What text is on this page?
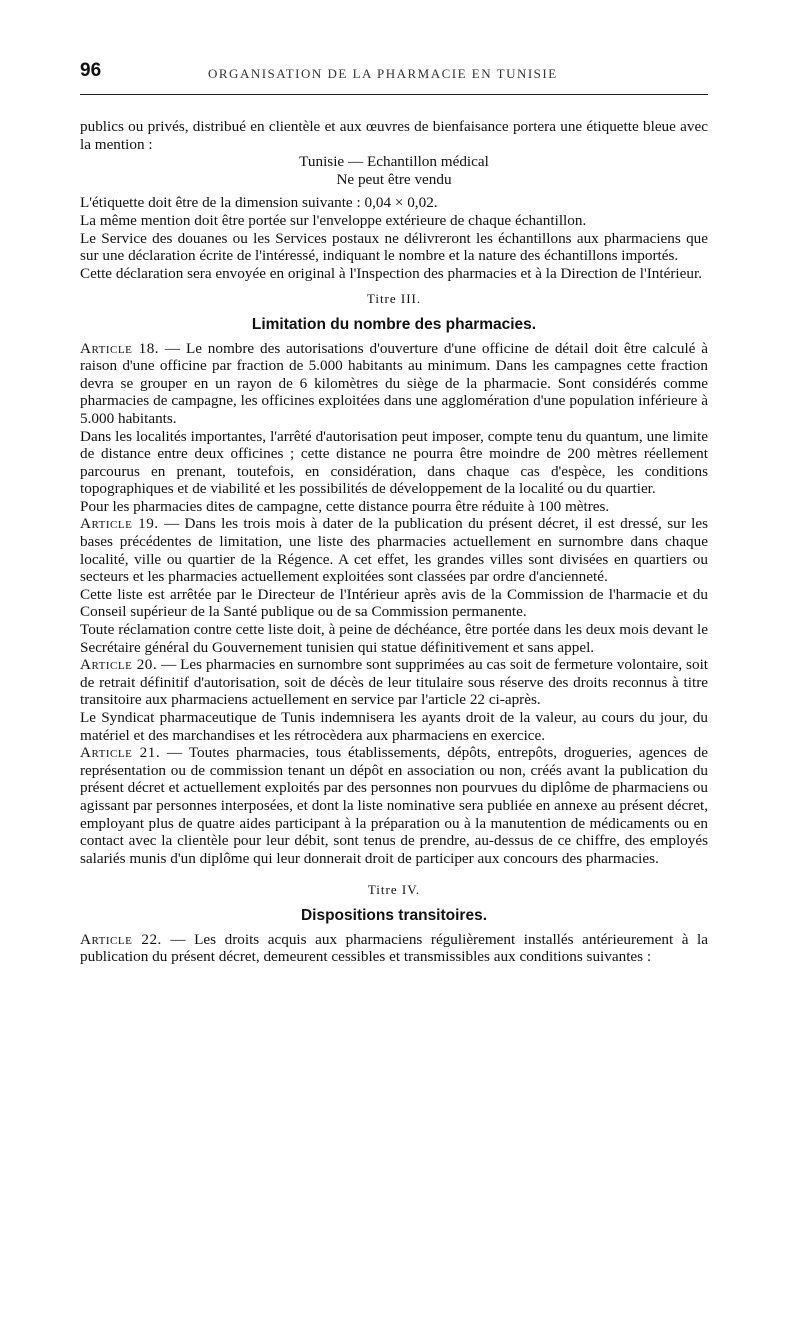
96	ORGANISATION DE LA PHARMACIE EN TUNISIE

publics ou privés, distribué en clientèle et aux œuvres de bienfaisance portera une étiquette bleue avec la mention :

Tunisie — Echantillon médical

Ne peut être vendu

L'étiquette doit être de la dimension suivante : 0,04 × 0,02.

La même mention doit être portée sur l'enveloppe extérieure de chaque échantillon.

Le Service des douanes ou les Services postaux ne délivreront les échantillons aux pharmaciens que sur une déclaration écrite de l'intéressé, indiquant le nombre et la nature des échantillons importés.

Cette déclaration sera envoyée en original à l'Inspection des pharmacies et à la Direction de l'Intérieur.

Titre III.
Limitation du nombre des pharmacies.

Article 18. — Le nombre des autorisations d'ouverture d'une officine de détail doit être calculé à raison d'une officine par fraction de 5.000 habitants au minimum. Dans les campagnes cette fraction devra se grouper en un rayon de 6 kilomètres du siège de la pharmacie. Sont considérés comme pharmacies de campagne, les officines exploitées dans une agglomération d'une population inférieure à 5.000 habitants.

Dans les localités importantes, l'arrêté d'autorisation peut imposer, compte tenu du quantum, une limite de distance entre deux officines ; cette distance ne pourra être moindre de 200 mètres réellement parcourus en prenant, toutefois, en considération, dans chaque cas d'espèce, les conditions topographiques et de viabilité et les possibilités de développement de la localité ou du quartier.

Pour les pharmacies dites de campagne, cette distance pourra être réduite à 100 mètres.

Article 19. — Dans les trois mois à dater de la publication du présent décret, il est dressé, sur les bases précédentes de limitation, une liste des pharmacies actuellement en surnombre dans chaque localité, ville ou quartier de la Régence. A cet effet, les grandes villes sont divisées en quartiers ou secteurs et les pharmacies actuellement exploitées sont classées par ordre d'ancienneté.

Cette liste est arrêtée par le Directeur de l'Intérieur après avis de la Commission de l'harmacie et du Conseil supérieur de la Santé publique ou de sa Commission permanente.

Toute réclamation contre cette liste doit, à peine de déchéance, être portée dans les deux mois devant le Secrétaire général du Gouvernement tunisien qui statue définitivement et sans appel.

Article 20. — Les pharmacies en surnombre sont supprimées au cas soit de fermeture volontaire, soit de retrait définitif d'autorisation, soit de décès de leur titulaire sous réserve des droits reconnus à titre transitoire aux pharmaciens actuellement en service par l'article 22 ci-après.

Le Syndicat pharmaceutique de Tunis indemnisera les ayants droit de la valeur, au cours du jour, du matériel et des marchandises et les rétrocèdera aux pharmaciens en exercice.

Article 21. — Toutes pharmacies, tous établissements, dépôts, entrepôts, drogueries, agences de représentation ou de commission tenant un dépôt en association ou non, créés avant la publication du présent décret et actuellement exploités par des personnes non pourvues du diplôme de pharmaciens ou agissant par personnes interposées, et dont la liste nominative sera publiée en annexe au présent décret, employant plus de quatre aides participant à la préparation ou à la manutention de médicaments ou en contact avec la clientèle pour leur débit, sont tenus de prendre, au-dessus de ce chiffre, des employés salariés munis d'un diplôme qui leur donnerait droit de participer aux concours des pharmacies.

Titre IV.
Dispositions transitoires.

Article 22. — Les droits acquis aux pharmaciens régulièrement installés antérieurement à la publication du présent décret, demeurent cessibles et transmissibles aux conditions suivantes :
